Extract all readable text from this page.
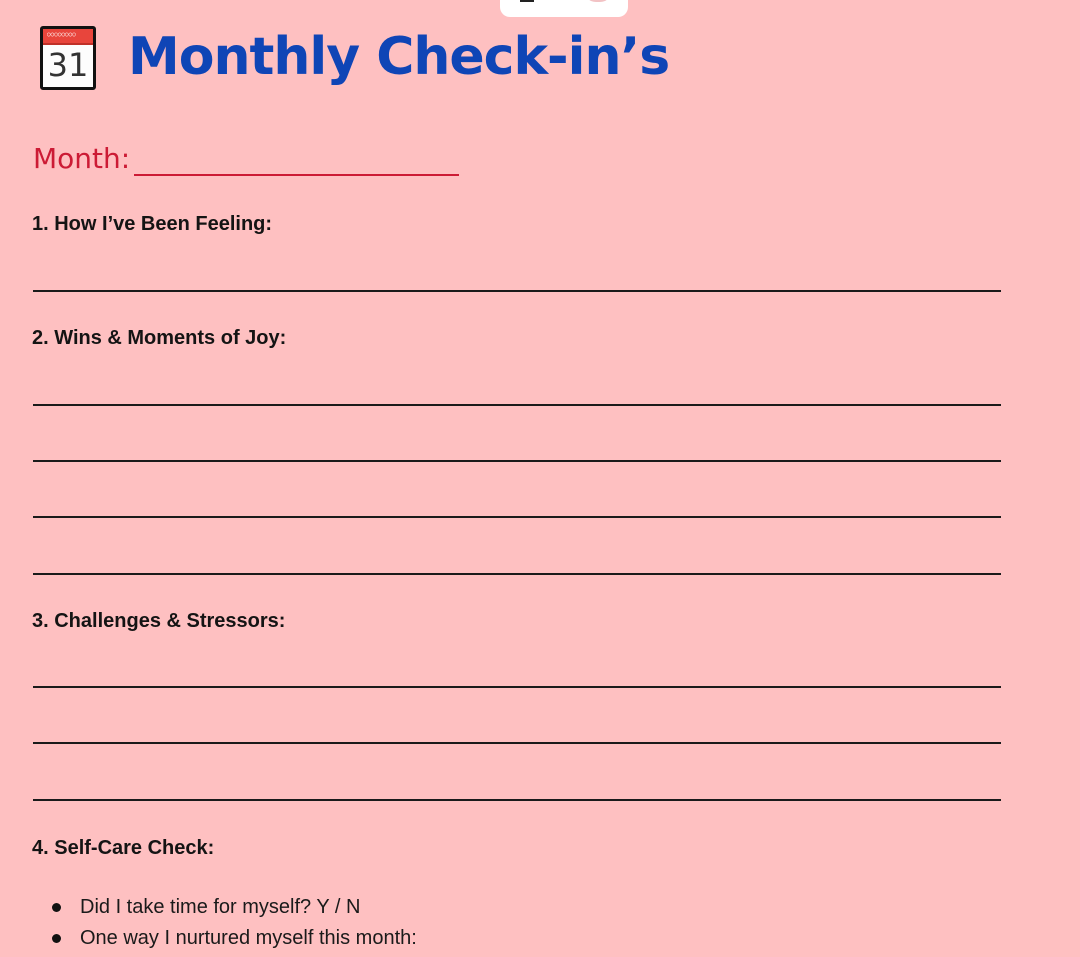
○○○○○○○○
31 Monthly Check-in’s
Month:
1. How I’ve Been Feeling:
2. Wins & Moments of Joy:
3. Challenges & Stressors:
4. Self-Care Check:
Did I take time for myself? Y / N
One way I nurtured myself this month:
